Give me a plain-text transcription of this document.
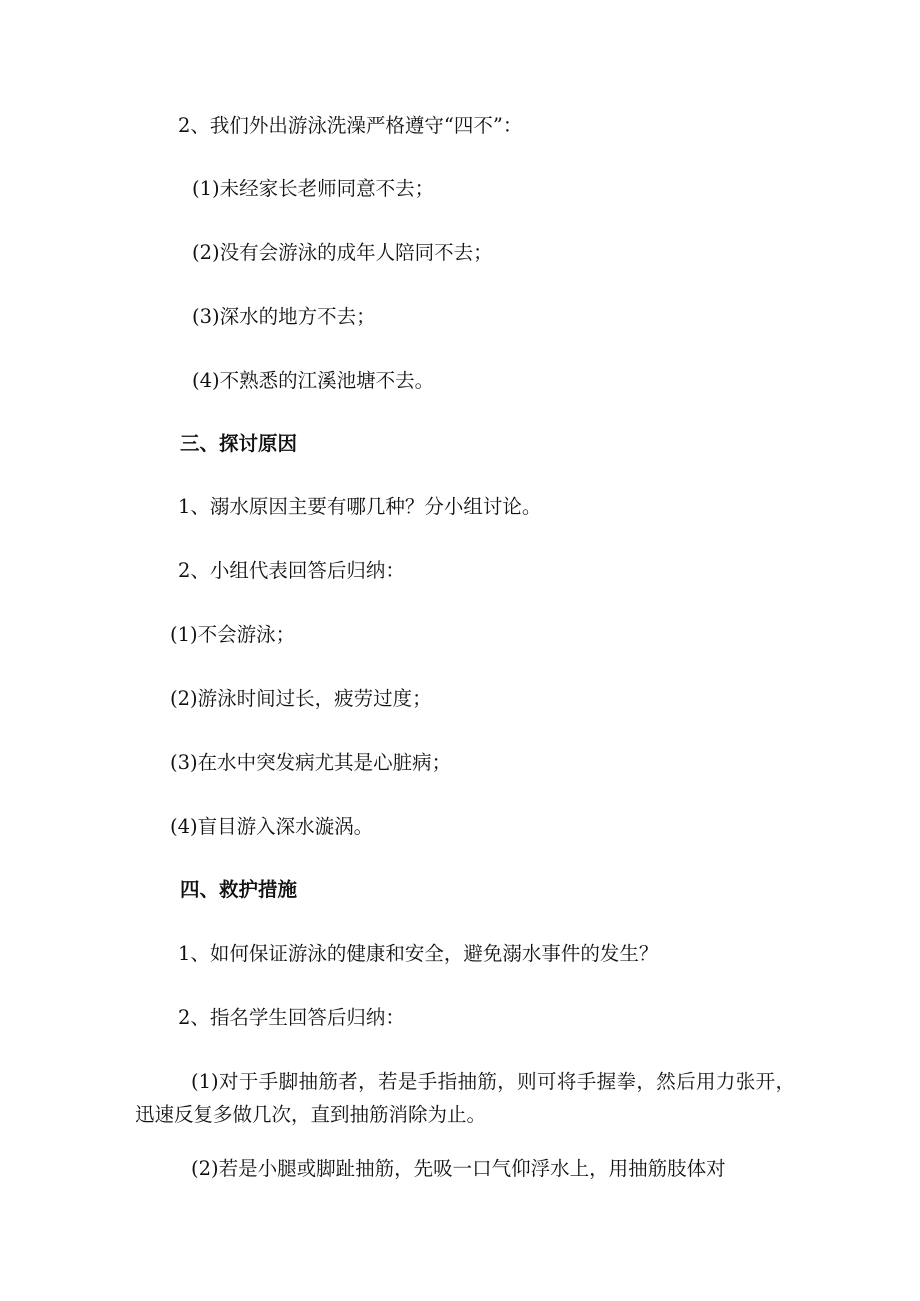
2、我们外出游泳洗澡严格遵守“四不”：
(1)未经家长老师同意不去；
(2)没有会游泳的成年人陪同不去；
(3)深水的地方不去；
(4)不熟悉的江溪池塘不去。
三、探讨原因
1、溺水原因主要有哪几种？分小组讨论。
2、小组代表回答后归纳：
(1)不会游泳；
(2)游泳时间过长，疲劳过度；
(3)在水中突发病尤其是心脏病；
(4)盲目游入深水漩涡。
四、救护措施
1、如何保证游泳的健康和安全，避免溺水事件的发生？
2、指名学生回答后归纳：
(1)对于手脚抽筋者，若是手指抽筋，则可将手握拳，然后用力张开，迅速反复多做几次，直到抽筋消除为止。
(2)若是小腿或脚趾抽筋，先吸一口气仰浮水上，用抽筋肢体对
